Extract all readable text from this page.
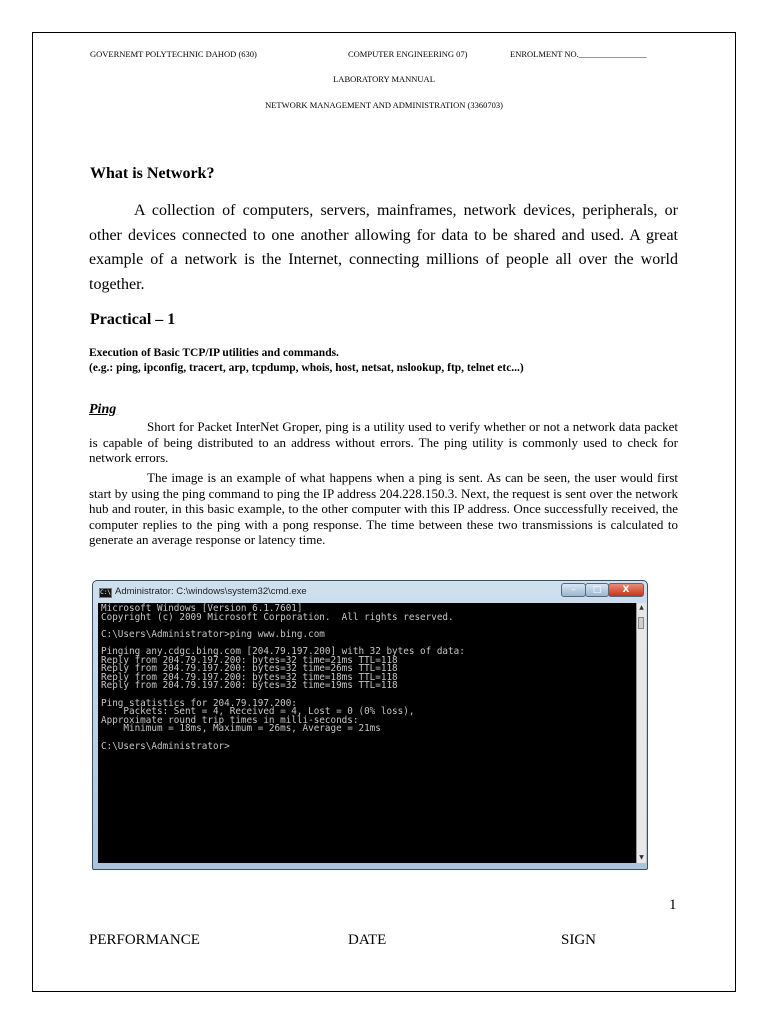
GOVERNEMT POLYTECHNIC DAHOD (630)	COMPUTER ENGINEERING 07)	ENROLMENT NO.________________
LABORATORY MANNUAL
NETWORK MANAGEMENT AND ADMINISTRATION (3360703)
What is Network?
A collection of computers, servers, mainframes, network devices, peripherals, or other devices connected to one another allowing for data to be shared and used. A great example of a network is the Internet, connecting millions of people all over the world together.
Practical – 1
Execution of Basic TCP/IP utilities and commands.
(e.g.: ping, ipconfig, tracert, arp, tcpdump, whois, host, netsat, nslookup, ftp, telnet etc...)
Ping
Short for Packet InterNet Groper, ping is a utility used to verify whether or not a network data packet is capable of being distributed to an address without errors. The ping utility is commonly used to check for network errors.
The image is an example of what happens when a ping is sent. As can be seen, the user would first start by using the ping command to ping the IP address 204.228.150.3. Next, the request is sent over the network hub and router, in this basic example, to the other computer with this IP address. Once successfully received, the computer replies to the ping with a pong response. The time between these two transmissions is calculated to generate an average response or latency time.
C:\ Administrator: C:\windows\system32\cmd.exe	–	□	X
Microsoft Windows [Version 6.1.7601]
Copyright (c) 2009 Microsoft Corporation.  All rights reserved.

C:\Users\Administrator>ping www.bing.com

Pinging any.cdgc.bing.com [204.79.197.200] with 32 bytes of data:
Reply from 204.79.197.200: bytes=32 time=21ms TTL=118
Reply from 204.79.197.200: bytes=32 time=26ms TTL=118
Reply from 204.79.197.200: bytes=32 time=18ms TTL=118
Reply from 204.79.197.200: bytes=32 time=19ms TTL=118

Ping statistics for 204.79.197.200:
Packets: Sent = 4, Received = 4, Lost = 0 (0% loss),
Approximate round trip times in milli-seconds:
Minimum = 18ms, Maximum = 26ms, Average = 21ms

C:\Users\Administrator>
▲
▼
1
PERFORMANCE	DATE	SIGN
